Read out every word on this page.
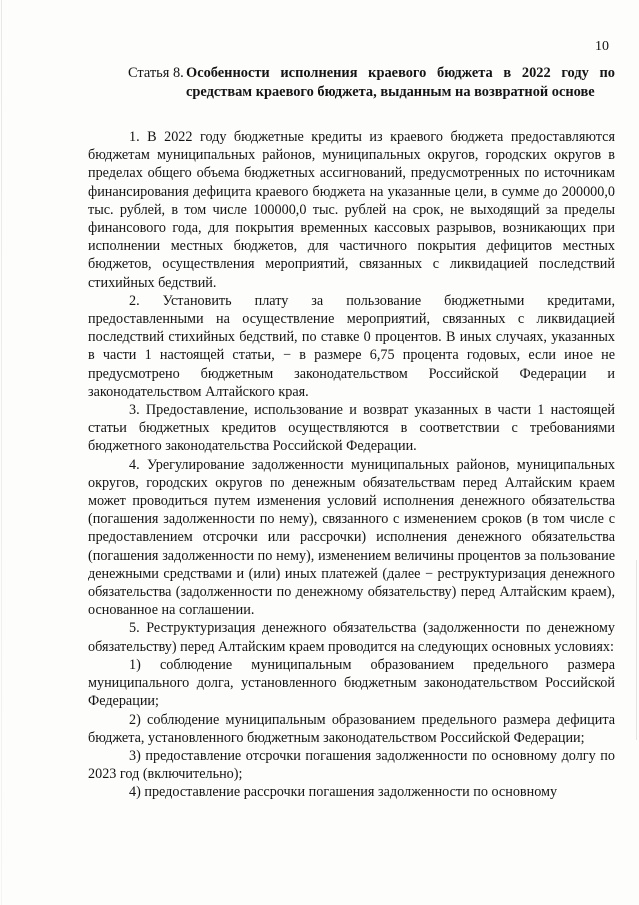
10
Статья 8. Особенности исполнения краевого бюджета в 2022 году по средствам краевого бюджета, выданным на возвратной основе

1. В 2022 году бюджетные кредиты из краевого бюджета предоставляются бюджетам муниципальных районов, муниципальных округов, городских округов в пределах общего объема бюджетных ассигнований, предусмотренных по источникам финансирования дефицита краевого бюджета на указанные цели, в сумме до 200000,0 тыс. рублей, в том числе 100000,0 тыс. рублей на срок, не выходящий за пределы финансового года, для покрытия временных кассовых разрывов, возникающих при исполнении местных бюджетов, для частичного покрытия дефицитов местных бюджетов, осуществления мероприятий, связанных с ликвидацией последствий стихийных бедствий.

2. Установить плату за пользование бюджетными кредитами, предоставленными на осуществление мероприятий, связанных с ликвидацией последствий стихийных бедствий, по ставке 0 процентов. В иных случаях, указанных в части 1 настоящей статьи, − в размере 6,75 процента годовых, если иное не предусмотрено бюджетным законодательством Российской Федерации и законодательством Алтайского края.

3. Предоставление, использование и возврат указанных в части 1 настоящей статьи бюджетных кредитов осуществляются в соответствии с требованиями бюджетного законодательства Российской Федерации.

4. Урегулирование задолженности муниципальных районов, муниципальных округов, городских округов по денежным обязательствам перед Алтайским краем может проводиться путем изменения условий исполнения денежного обязательства (погашения задолженности по нему), связанного с изменением сроков (в том числе с предоставлением отсрочки или рассрочки) исполнения денежного обязательства (погашения задолженности по нему), изменением величины процентов за пользование денежными средствами и (или) иных платежей (далее − реструктуризация денежного обязательства (задолженности по денежному обязательству) перед Алтайским краем), основанное на соглашении.

5. Реструктуризация денежного обязательства (задолженности по денежному обязательству) перед Алтайским краем проводится на следующих основных условиях:

1) соблюдение муниципальным образованием предельного размера муниципального долга, установленного бюджетным законодательством Российской Федерации;

2) соблюдение муниципальным образованием предельного размера дефицита бюджета, установленного бюджетным законодательством Российской Федерации;

3) предоставление отсрочки погашения задолженности по основному долгу по 2023 год (включительно);

4) предоставление рассрочки погашения задолженности по основному
